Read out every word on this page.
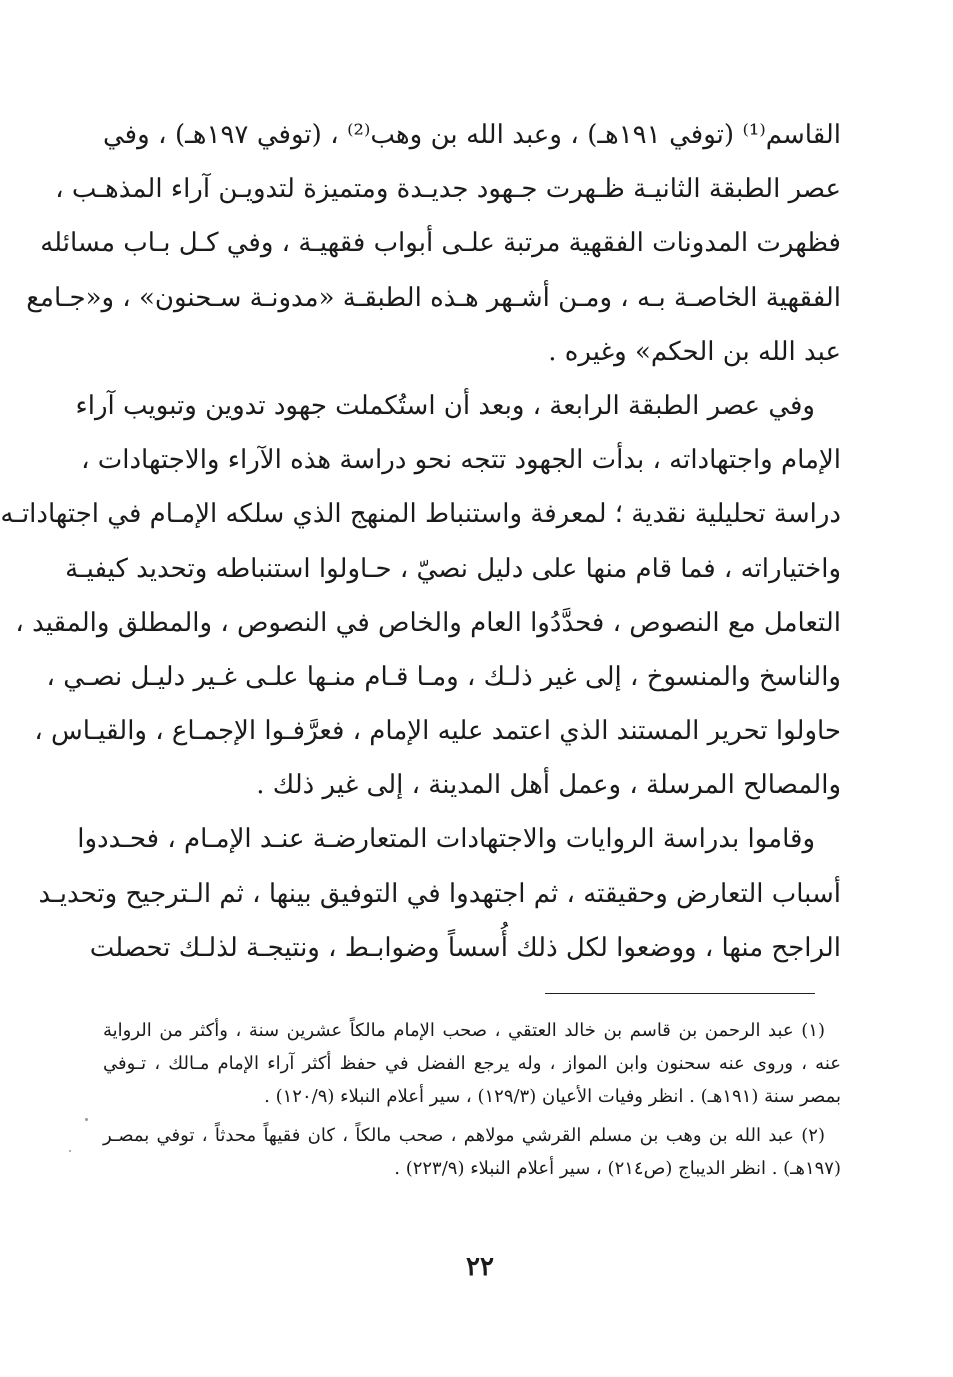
القاسم⁽¹⁾ (توفي ١٩١هـ) ، وعبد الله بن وهب⁽²⁾ ، (توفي ١٩٧هـ) ، وفي
عصر الطبقة الثانيـة ظـهرت جـهود جديـدة ومتميزة لتدويـن آراء المذهـب ،
فظهرت المدونات الفقهية مرتبة علـى أبواب فقهيـة ، وفي كـل بـاب مسائله
الفقهية الخاصـة بـه ، ومـن أشـهر هـذه الطبقـة «مدونـة سـحنون» ، و«جـامع
عبد الله بن الحكم» وغيره .
وفي عصر الطبقة الرابعة ، وبعد أن استُكملت جهود تدوين وتبويب آراء
الإمام واجتهاداته ، بدأت الجهود تتجه نحو دراسة هذه الآراء والاجتهادات ،
دراسة تحليلية نقدية ؛ لمعرفة واستنباط المنهج الذي سلكه الإمـام في اجتهاداتـه
واختياراته ، فما قام منها على دليل نصيّ ، حـاولوا استنباطه وتحديد كيفيـة
التعامل مع النصوص ، فحدَّدُوا العام والخاص في النصوص ، والمطلق والمقيد ،
والناسخ والمنسوخ ، إلى غير ذلـك ، ومـا قـام منـها علـى غـير دليـل نصـي ،
حاولوا تحرير المستند الذي اعتمد عليه الإمام ، فعرَّفـوا الإجمـاع ، والقيـاس ،
والمصالح المرسلة ، وعمل أهل المدينة ، إلى غير ذلك .
وقاموا بدراسة الروايات والاجتهادات المتعارضـة عنـد الإمـام ، فحـددوا
أسباب التعارض وحقيقته ، ثم اجتهدوا في التوفيق بينها ، ثم الـترجيح وتحديـد
الراجح منها ، ووضعوا لكل ذلك أُسساً وضوابـط ، ونتيجـة لذلـك تحصلت
(١) عبد الرحمن بن قاسم بن خالد العتقي ، صحب الإمام مالكاً عشرين سنة ، وأكثر من الرواية
عنه ، وروى عنه سحنون وابن المواز ، وله يرجع الفضل في حفظ أكثر آراء الإمام مـالك ، تـوفي
بمصر سنة (١٩١هـ) . انظر وفيات الأعيان (١٢٩/٣) ، سير أعلام النبلاء (١٢٠/٩) .
(٢) عبد الله بن وهب بن مسلم القرشي مولاهم ، صحب مالكاً ، كان فقيهاً محدثاً ، توفي بمصـر
(١٩٧هـ) . انظر الديباج (ص٢١٤) ، سير أعلام النبلاء (٢٢٣/٩) .
٢٢
